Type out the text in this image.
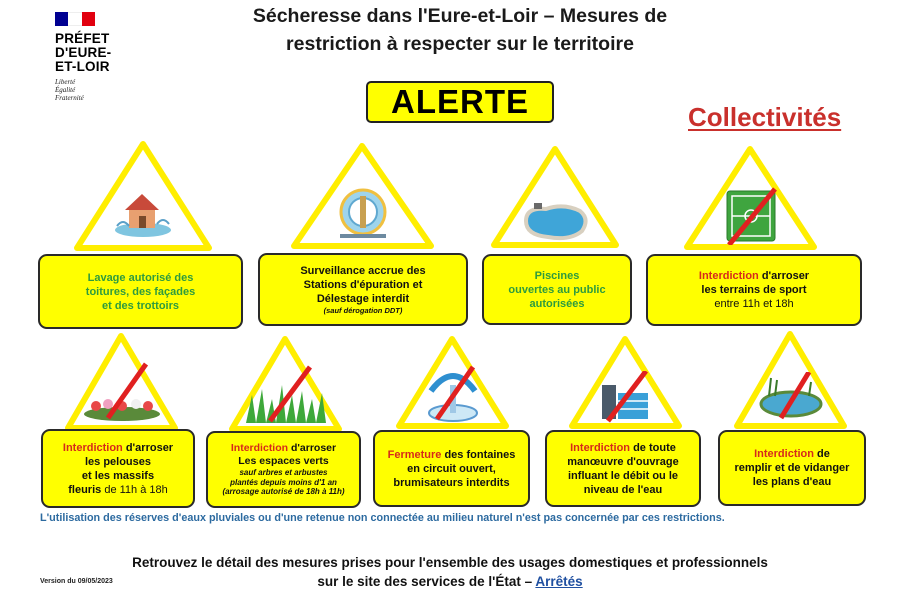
PRÉFET
D'EURE-
ET-LOIR
Liberté
Égalité
Fraternité
Sécheresse dans l'Eure-et-Loir – Mesures de
restriction à respecter sur le territoire
ALERTE	Collectivités
Lavage autorisé des
toitures, des façades
et des trottoirs
Surveillance accrue des
Stations d'épuration et
Délestage interdit
(sauf dérogation DDT)
Piscines
ouvertes au public
autorisées
Interdiction d'arroser
les terrains de sport
entre 11h et 18h
Interdiction d'arroser
les pelouses
et les massifs
fleuris de 11h à 18h
Interdiction d'arroser
Les espaces verts
sauf arbres et arbustes
plantés depuis moins d'1 an
(arrosage autorisé de 18h à 11h)
Fermeture des fontaines
en circuit ouvert,
brumisateurs interdits
Interdiction de toute
manœuvre d'ouvrage
influant le débit ou le
niveau de l'eau
Interdiction de
remplir et de vidanger
les plans d'eau
L'utilisation des réserves d'eaux pluviales ou d'une retenue non connectée au milieu naturel n'est pas concernée par ces restrictions.
Retrouvez le détail des mesures prises pour l'ensemble des usages domestiques et professionnels
sur le site des services de l'État – Arrêtés
Version du 09/05/2023
